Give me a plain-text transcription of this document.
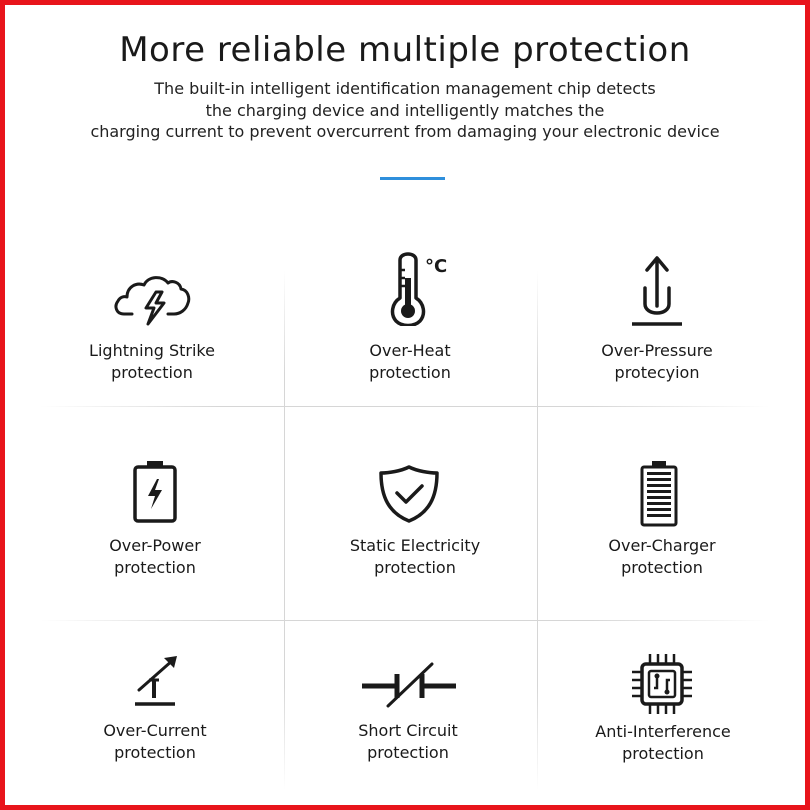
More reliable multiple protection
The built-in intelligent identification management chip detects
the charging device and intelligently matches the
charging current to prevent overcurrent from damaging your electronic device
Lightning Strike
protection
°C
Over-Heat
protection
Over-Pressure
protecyion
Over-Power
protection
Static Electricity
protection
Over-Charger
protection
Over-Current
protection
Short Circuit
protection
Anti-Interference
protection
